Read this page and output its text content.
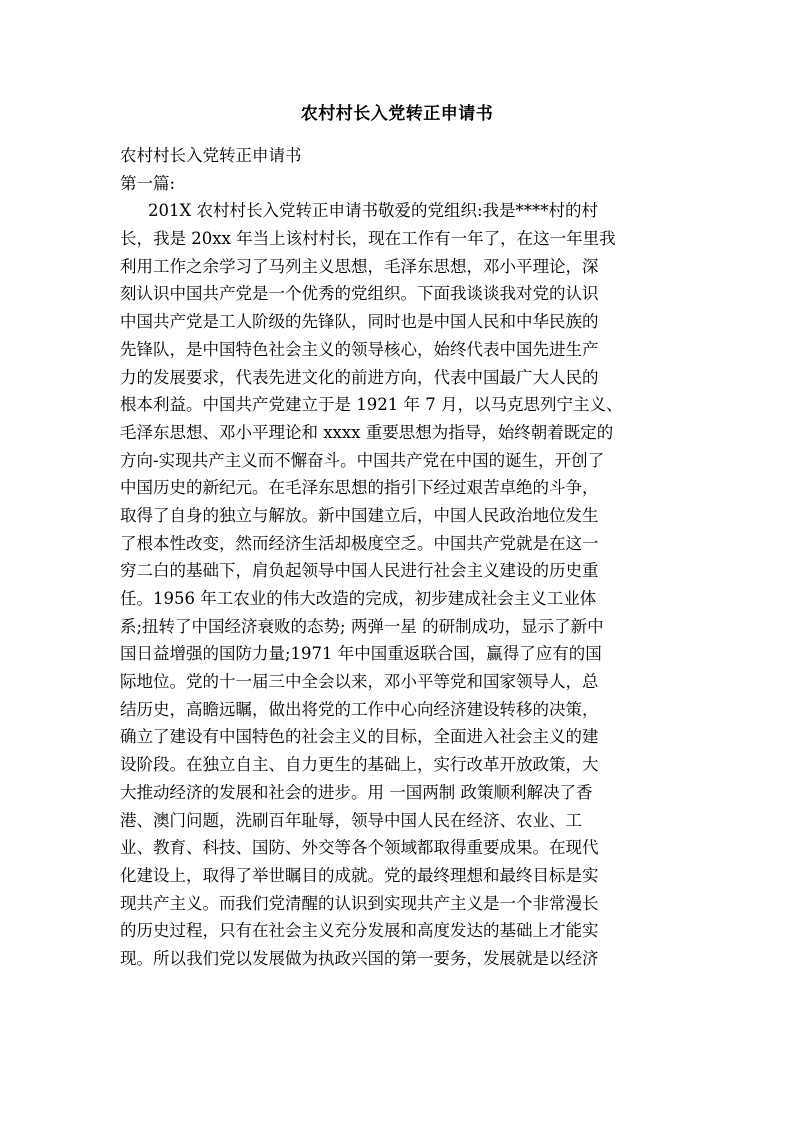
农村村长入党转正申请书
农村村长入党转正申请书
第一篇:
201X 农村村长入党转正申请书敬爱的党组织:我是****村的村
长，我是 20xx 年当上该村村长，现在工作有一年了，在这一年里我
利用工作之余学习了马列主义思想，毛泽东思想，邓小平理论，深
刻认识中国共产党是一个优秀的党组织。下面我谈谈我对党的认识
中国共产党是工人阶级的先锋队，同时也是中国人民和中华民族的
先锋队，是中国特色社会主义的领导核心，始终代表中国先进生产
力的发展要求，代表先进文化的前进方向，代表中国最广大人民的
根本利益。中国共产党建立于是 1921 年 7 月，以马克思列宁主义、
毛泽东思想、邓小平理论和 xxxx 重要思想为指导，始终朝着既定的
方向-实现共产主义而不懈奋斗。中国共产党在中国的诞生，开创了
中国历史的新纪元。在毛泽东思想的指引下经过艰苦卓绝的斗争，
取得了自身的独立与解放。新中国建立后，中国人民政治地位发生
了根本性改变，然而经济生活却极度空乏。中国共产党就是在这一
穷二白的基础下，肩负起领导中国人民进行社会主义建设的历史重
任。1956 年工农业的伟大改造的完成，初步建成社会主义工业体
系;扭转了中国经济衰败的态势; 两弹一星 的研制成功，显示了新中
国日益增强的国防力量;1971 年中国重返联合国，赢得了应有的国
际地位。党的十一届三中全会以来，邓小平等党和国家领导人，总
结历史，高瞻远瞩，做出将党的工作中心向经济建设转移的决策，
确立了建设有中国特色的社会主义的目标，全面进入社会主义的建
设阶段。在独立自主、自力更生的基础上，实行改革开放政策，大
大推动经济的发展和社会的进步。用 一国两制 政策顺利解决了香
港、澳门问题，洗刷百年耻辱，领导中国人民在经济、农业、工
业、教育、科技、国防、外交等各个领域都取得重要成果。在现代
化建设上，取得了举世瞩目的成就。党的最终理想和最终目标是实
现共产主义。而我们党清醒的认识到实现共产主义是一个非常漫长
的历史过程，只有在社会主义充分发展和高度发达的基础上才能实
现。所以我们党以发展做为执政兴国的第一要务，发展就是以经济
